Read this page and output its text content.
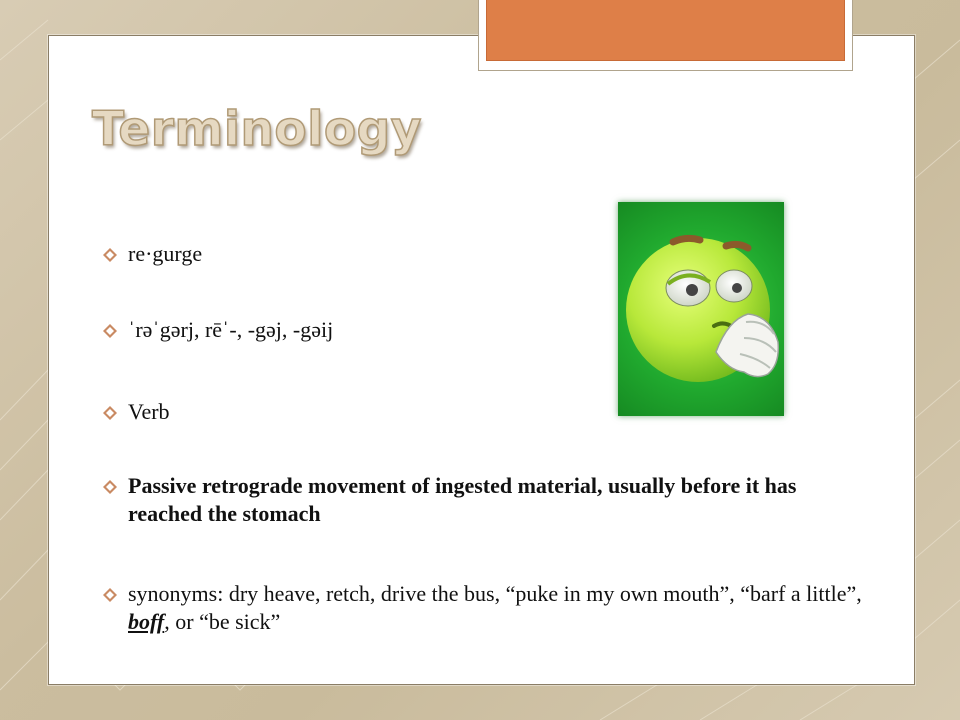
Terminology
re·gurge
ˈrəˈgərj, rēˈ-, -gəj, -gəij
Verb
Passive retrograde movement of ingested material, usually before it has reached the stomach
synonyms: dry heave, retch, drive the bus, “puke in my own mouth”, “barf a little”, boff, or “be sick”
